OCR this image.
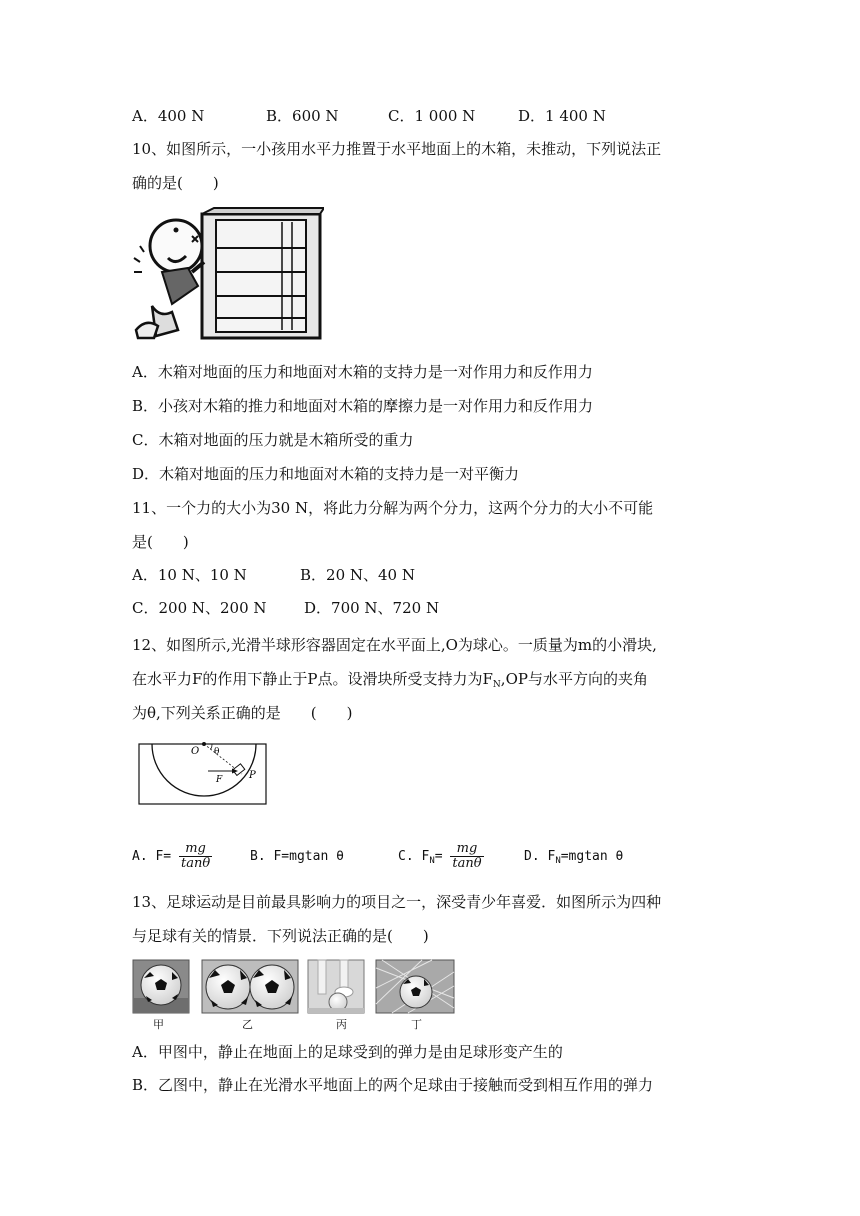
A．400 N	B．600 N	C．1 000 N	D．1 400 N
10、如图所示，一小孩用水平力推置于水平地面上的木箱，未推动，下列说法正
确的是(　　)
A．木箱对地面的压力和地面对木箱的支持力是一对作用力和反作用力
B．小孩对木箱的推力和地面对木箱的摩擦力是一对作用力和反作用力
C．木箱对地面的压力就是木箱所受的重力
D．木箱对地面的压力和地面对木箱的支持力是一对平衡力
11、一个力的大小为30 N，将此力分解为两个分力，这两个分力的大小不可能
是(　　)
A．10 N、10 N	B．20 N、40 N
C．200 N、200 N D．700 N、720 N
12、如图所示,光滑半球形容器固定在水平面上,O为球心。一质量为m的小滑块,
在水平力F的作用下静止于P点。设滑块所受支持力为$F_N,OP$与水平方向的夹角
为θ,下列关系正确的是　　(　　)
O θ
F	P
A. $F= \frac{mg}{\tan\theta}$	B. F=mgtan θ	C. $F_N= \frac{mg}{\tan\theta}$	D. $F_N=mgtan$ θ
13、足球运动是目前最具影响力的项目之一，深受青少年喜爱．如图所示为四种
与足球有关的情景．下列说法正确的是(　　)
甲	乙	丙	丁
A．甲图中，静止在地面上的足球受到的弹力是由足球形变产生的
B．乙图中，静止在光滑水平地面上的两个足球由于接触而受到相互作用的弹力
